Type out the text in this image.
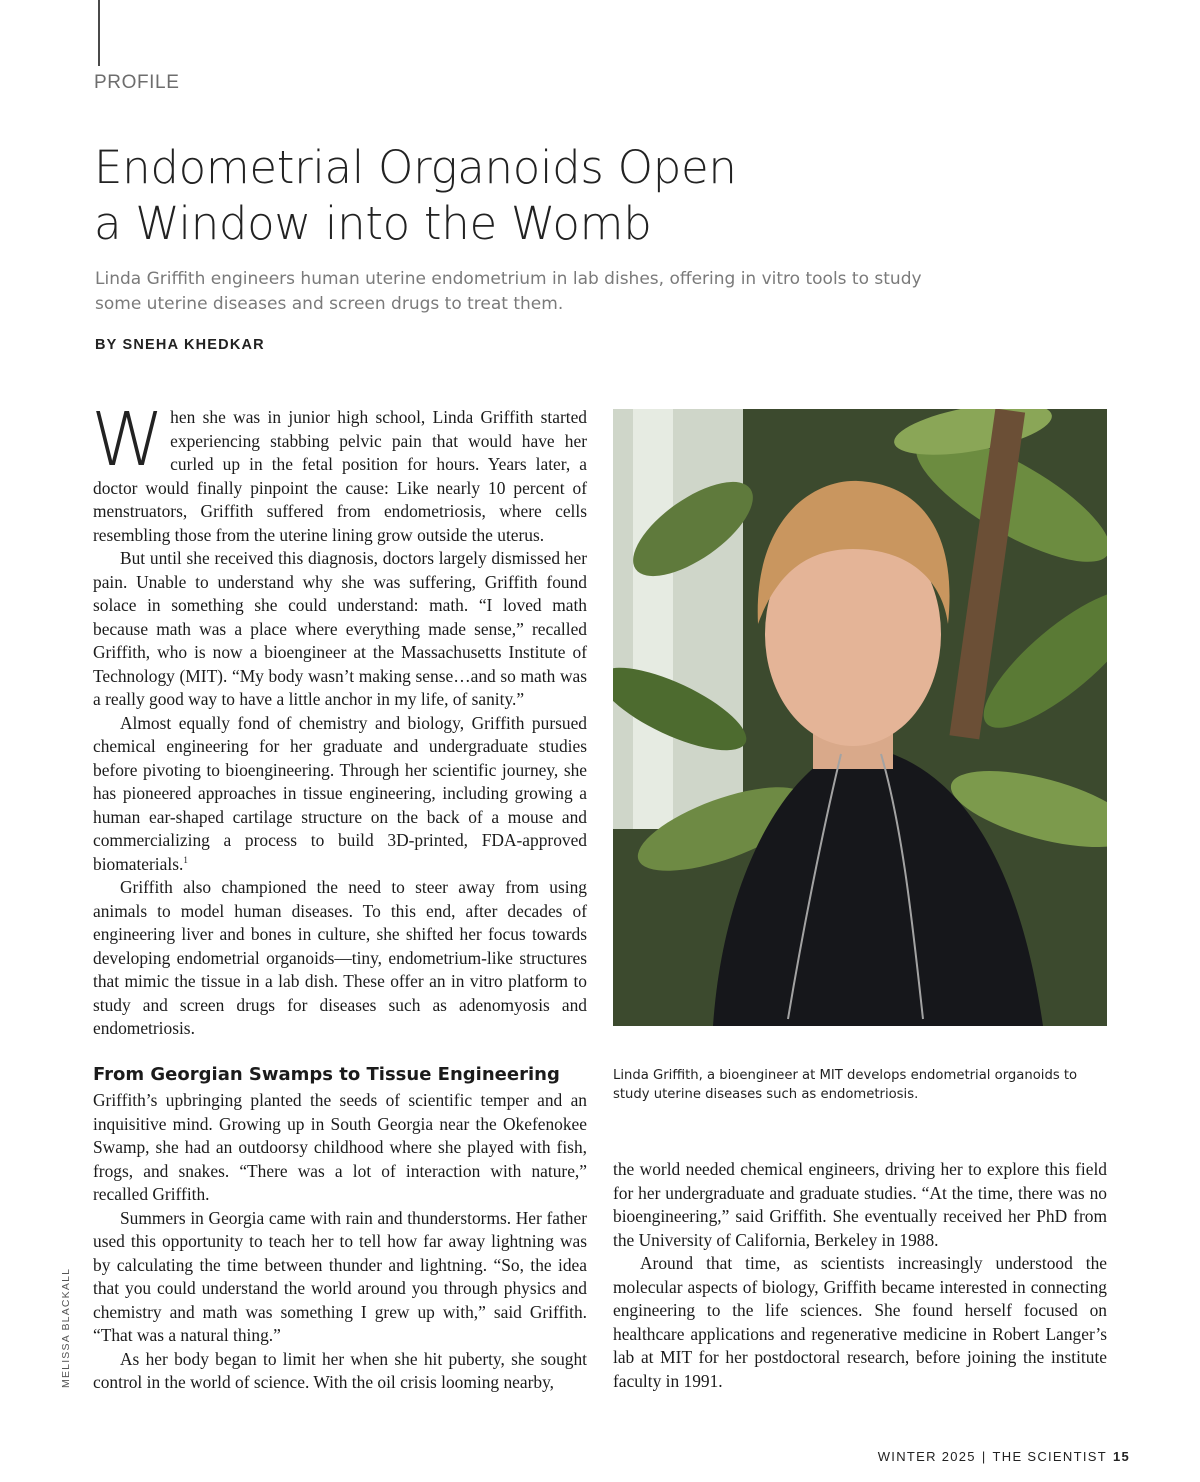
PROFILE
Endometrial Organoids Open
a Window into the Womb

Linda Griffith engineers human uterine endometrium in lab dishes, offering in vitro tools to study some uterine diseases and screen drugs to treat them.

BY SNEHA KHEDKAR

When she was in junior high school, Linda Griffith started experiencing stabbing pelvic pain that would have her curled up in the fetal position for hours. Years later, a doctor would finally pinpoint the cause: Like nearly 10 percent of menstruators, Griffith suffered from endometriosis, where cells resembling those from the uterine lining grow outside the uterus.

But until she received this diagnosis, doctors largely dismissed her pain. Unable to understand why she was suffering, Griffith found solace in something she could understand: math. “I loved math because math was a place where everything made sense,” recalled Griffith, who is now a bioengineer at the Massachusetts Institute of Technology (MIT). “My body wasn’t making sense…and so math was a really good way to have a little anchor in my life, of sanity.”

Almost equally fond of chemistry and biology, Griffith pursued chemical engineering for her graduate and undergraduate studies before pivoting to bioengineering. Through her scientific journey, she has pioneered approaches in tissue engineering, including growing a human ear-shaped cartilage structure on the back of a mouse and commercializing a process to build 3D-printed, FDA-approved biomaterials.$^1$

Griffith also championed the need to steer away from using animals to model human diseases. To this end, after decades of engineering liver and bones in culture, she shifted her focus towards developing endometrial organoids—tiny, endometrium-like structures that mimic the tissue in a lab dish. These offer an in vitro platform to study and screen drugs for diseases such as adenomyosis and endometriosis.

From Georgian Swamps to Tissue Engineering

Griffith’s upbringing planted the seeds of scientific temper and an inquisitive mind. Growing up in South Georgia near the Okefenokee Swamp, she had an outdoorsy childhood where she played with fish, frogs, and snakes. “There was a lot of interaction with nature,” recalled Griffith.

Summers in Georgia came with rain and thunderstorms. Her father used this opportunity to teach her to tell how far away lightning was by calculating the time between thunder and lightning. “So, the idea that you could understand the world around you through physics and chemistry and math was something I grew up with,” said Griffith. “That was a natural thing.”

As her body began to limit her when she hit puberty, she sought control in the world of science. With the oil crisis looming nearby,

Linda Griffith, a bioengineer at MIT develops endometrial organoids to study uterine diseases such as endometriosis.

the world needed chemical engineers, driving her to explore this field for her undergraduate and graduate studies. “At the time, there was no bioengineering,” said Griffith. She eventually received her PhD from the University of California, Berkeley in 1988.

Around that time, as scientists increasingly understood the molecular aspects of biology, Griffith became interested in connecting engineering to the life sciences. She found herself focused on healthcare applications and regenerative medicine in Robert Langer’s lab at MIT for her postdoctoral research, before joining the institute faculty in 1991.

MELISSA BLACKALL
WINTER 2025 | THE SCIENTIST 15
